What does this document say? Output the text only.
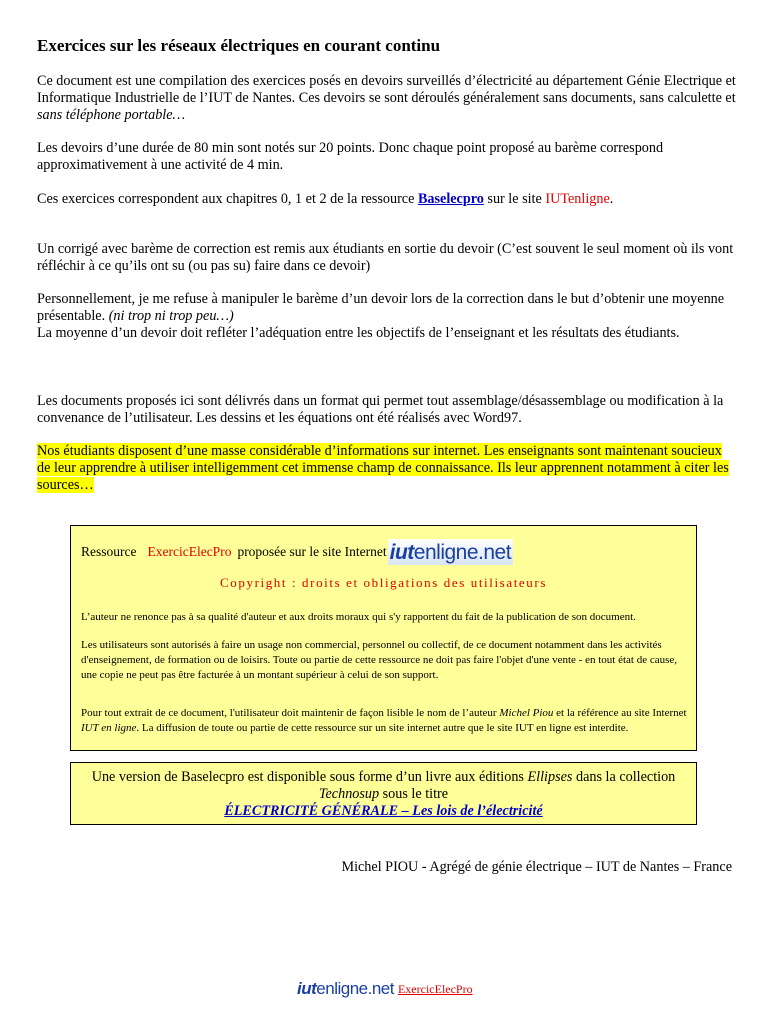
Exercices sur les réseaux électriques en courant continu

Ce document est une compilation des exercices posés en devoirs surveillés d’électricité au département Génie Electrique et Informatique Industrielle de l’IUT de Nantes. Ces devoirs se sont déroulés généralement sans documents, sans calculette et sans téléphone portable…

Les devoirs d’une durée de 80 min sont notés sur 20 points. Donc chaque point proposé au barème correspond approximativement à une activité de 4 min.

Ces exercices correspondent aux chapitres 0, 1 et 2 de la ressource Baselecpro sur le site IUTenligne.

Un corrigé avec barème de correction est remis aux étudiants en sortie du devoir (C’est souvent le seul moment où ils vont réfléchir à ce qu’ils ont su (ou pas su) faire dans ce devoir)

Personnellement, je me refuse à manipuler le barème d’un devoir lors de la correction dans le but d’obtenir une moyenne présentable. (ni trop ni trop peu…)
La moyenne d’un devoir doit refléter l’adéquation entre les objectifs de l’enseignant et les résultats des étudiants.

Les documents proposés ici sont délivrés dans un format qui permet tout assemblage/désassemblage ou modification à la convenance de l’utilisateur. Les dessins et les équations ont été réalisés avec Word97.

Nos étudiants disposent d’une masse considérable d’informations sur internet. Les enseignants sont maintenant soucieux de leur apprendre à utiliser intelligemment cet immense champ de connaissance. Ils leur apprennent notamment à citer les sources…

Ressource ExercicElecPro proposée sur le site Internet iut enligne.net
Copyright : droits et obligations des utilisateurs

L’auteur ne renonce pas à sa qualité d'auteur et aux droits moraux qui s'y rapportent du fait de la publication de son document.

Les utilisateurs sont autorisés à faire un usage non commercial, personnel ou collectif, de ce document notamment dans les activités d'enseignement, de formation ou de loisirs. Toute ou partie de cette ressource ne doit pas faire l'objet d'une vente - en tout état de cause, une copie ne peut pas être facturée à un montant supérieur à celui de son support.

Pour tout extrait de ce document, l'utilisateur doit maintenir de façon lisible le nom de l’auteur Michel Piou et la référence au site Internet IUT en ligne. La diffusion de toute ou partie de cette ressource sur un site internet autre que le site IUT en ligne est interdite.

Une version de Baselecpro est disponible sous forme d’un livre aux éditions Ellipses dans la collection Technosup sous le titre
ÉLECTRICITÉ GÉNÉRALE – Les lois de l’électricité
Michel PIOU - Agrégé de génie électrique – IUT de Nantes – France
iut enligne.net ExercicElecPro
